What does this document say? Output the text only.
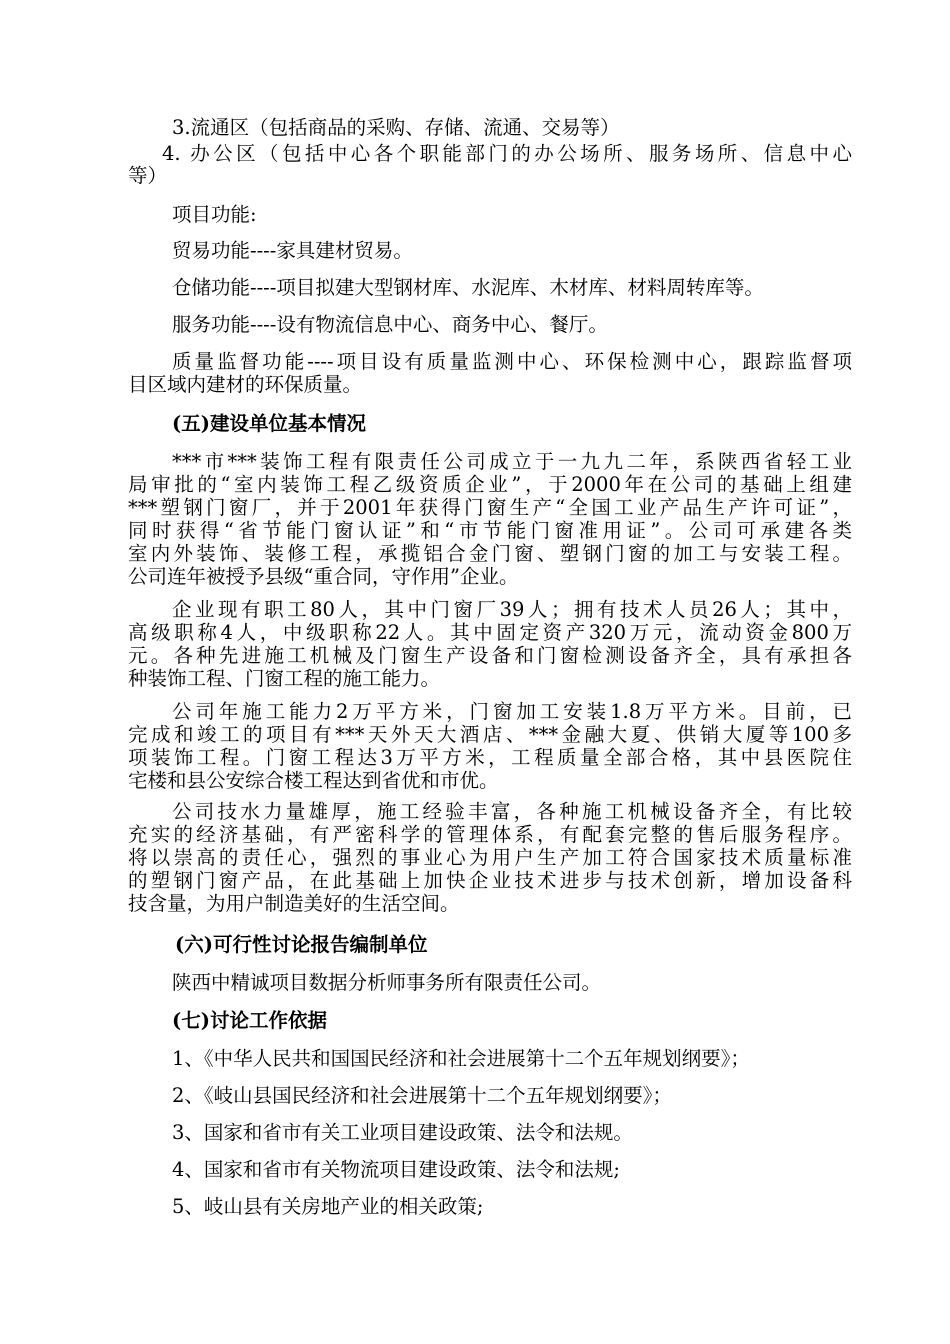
3.流通区（包括商品的采购、存储、流通、交易等）

4. 办公区（包括中心各个职能部门的办公场所、服务场所、信息中心

等）

项目功能:

贸易功能----家具建材贸易。

仓储功能----项目拟建大型钢材库、水泥库、木材库、材料周转库等。

服务功能----设有物流信息中心、商务中心、餐厅。

质量监督功能----项目设有质量监测中心、环保检测中心，跟踪监督项

目区域内建材的环保质量。

(五)建设单位基本情况

***市***装饰工程有限责任公司成立于一九九二年，系陕西省轻工业

局审批的“室内装饰工程乙级资质企业”，于2000年在公司的基础上组建

***塑钢门窗厂，并于2001年获得门窗生产“全国工业产品生产许可证”，

同时获得“省节能门窗认证”和“市节能门窗准用证”。公司可承建各类

室内外装饰、装修工程，承揽铝合金门窗、塑钢门窗的加工与安装工程。

公司连年被授予县级“重合同，守作用”企业。

企业现有职工80人，其中门窗厂39人；拥有技术人员26人；其中，

高级职称4人，中级职称22人。其中固定资产320万元，流动资金800万

元。各种先进施工机械及门窗生产设备和门窗检测设备齐全，具有承担各

种装饰工程、门窗工程的施工能力。

公司年施工能力2万平方米，门窗加工安装1.8万平方米。目前，已

完成和竣工的项目有***天外天大酒店、***金融大夏、供销大厦等100多

项装饰工程。门窗工程达3万平方米，工程质量全部合格，其中县医院住

宅楼和县公安综合楼工程达到省优和市优。

公司技水力量雄厚，施工经验丰富，各种施工机械设备齐全，有比较

充实的经济基础，有严密科学的管理体系，有配套完整的售后服务程序。

将以崇高的责任心，强烈的事业心为用户生产加工符合国家技术质量标准

的塑钢门窗产品，在此基础上加快企业技术进步与技术创新，增加设备科

技含量，为用户制造美好的生活空间。

(六)可行性讨论报告编制单位

陕西中精诚项目数据分析师事务所有限责任公司。

(七)讨论工作依据

1、《中华人民共和国国民经济和社会进展第十二个五年规划纲要》；

2、《岐山县国民经济和社会进展第十二个五年规划纲要》；

3、国家和省市有关工业项目建设政策、法令和法规。

4、国家和省市有关物流项目建设政策、法令和法规;

5、岐山县有关房地产业的相关政策;
